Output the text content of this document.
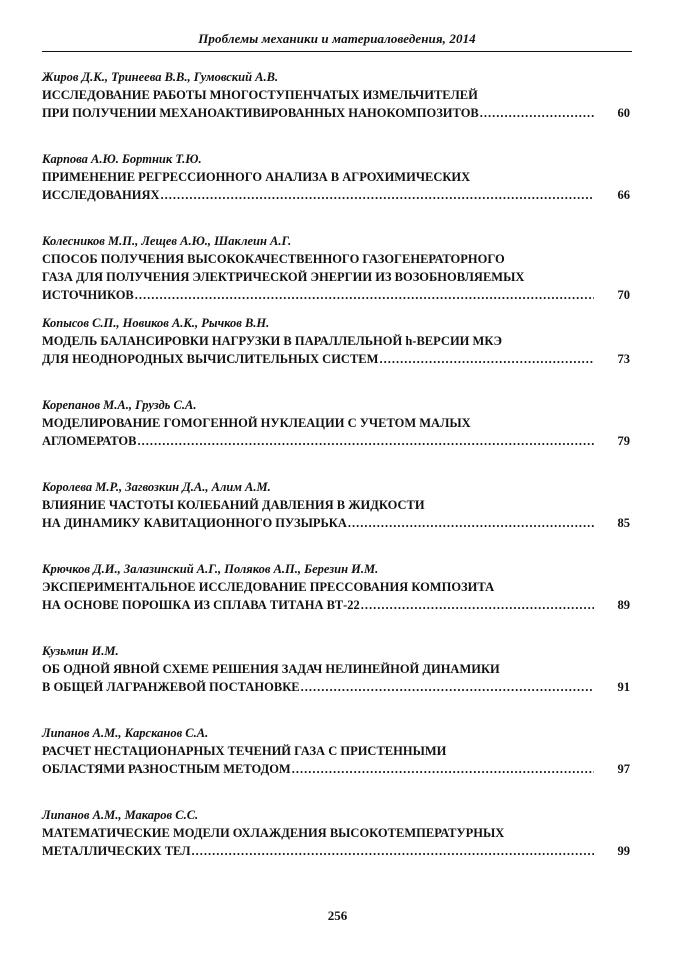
Проблемы механики и материаловедения, 2014
Жиров Д.К., Тринеева В.В., Гумовский А.В.
ИССЛЕДОВАНИЕ РАБОТЫ МНОГОСТУПЕНЧАТЫХ ИЗМЕЛЬЧИТЕЛЕЙ
ПРИ ПОЛУЧЕНИИ МЕХАНОАКТИВИРОВАННЫХ НАНОКОМПОЗИТОВ .....	60
Карпова А.Ю. Бортник Т.Ю.
ПРИМЕНЕНИЕ РЕГРЕССИОННОГО АНАЛИЗА В АГРОХИМИЧЕСКИХ
ИССЛЕДОВАНИЯХ .....	66
Колесников М.П., Лещев А.Ю., Шаклеин А.Г.
СПОСОБ ПОЛУЧЕНИЯ ВЫСОКОКАЧЕСТВЕННОГО ГАЗОГЕНЕРАТОРНОГО
ГАЗА ДЛЯ ПОЛУЧЕНИЯ ЭЛЕКТРИЧЕСКОЙ ЭНЕРГИИ ИЗ ВОЗОБНОВЛЯЕМЫХ
ИСТОЧНИКОВ .....	70
Копысов С.П., Новиков А.К., Рычков В.Н.
МОДЕЛЬ БАЛАНСИРОВКИ НАГРУЗКИ В ПАРАЛЛЕЛЬНОЙ h-ВЕРСИИ МКЭ
ДЛЯ НЕОДНОРОДНЫХ ВЫЧИСЛИТЕЛЬНЫХ СИСТЕМ .....	73
Корепанов М.А., Груздь С.А.
МОДЕЛИРОВАНИЕ ГОМОГЕННОЙ НУКЛЕАЦИИ С УЧЕТОМ МАЛЫХ
АГЛОМЕРАТОВ .....	79
Королева М.Р., Загвозкин Д.А., Алим А.М.
ВЛИЯНИЕ ЧАСТОТЫ КОЛЕБАНИЙ ДАВЛЕНИЯ В ЖИДКОСТИ
НА ДИНАМИКУ КАВИТАЦИОННОГО ПУЗЫРЬКА .....	85
Крючков Д.И., Залазинский А.Г., Поляков А.П., Березин И.М.
ЭКСПЕРИМЕНТАЛЬНОЕ ИССЛЕДОВАНИЕ ПРЕССОВАНИЯ КОМПОЗИТА
НА ОСНОВЕ ПОРОШКА ИЗ СПЛАВА ТИТАНА ВТ-22 .....	89
Кузьмин И.М.
ОБ ОДНОЙ ЯВНОЙ СХЕМЕ РЕШЕНИЯ ЗАДАЧ НЕЛИНЕЙНОЙ ДИНАМИКИ
В ОБЩЕЙ ЛАГРАНЖЕВОЙ ПОСТАНОВКЕ .....	91
Липанов А.М., Карсканов С.А.
РАСЧЕТ НЕСТАЦИОНАРНЫХ ТЕЧЕНИЙ ГАЗА С ПРИСТЕННЫМИ
ОБЛАСТЯМИ РАЗНОСТНЫМ МЕТОДОМ .....	97
Липанов А.М., Макаров С.С.
МАТЕМАТИЧЕСКИЕ МОДЕЛИ ОХЛАЖДЕНИЯ ВЫСОКОТЕМПЕРАТУРНЫХ
МЕТАЛЛИЧЕСКИХ ТЕЛ .....	99
256
